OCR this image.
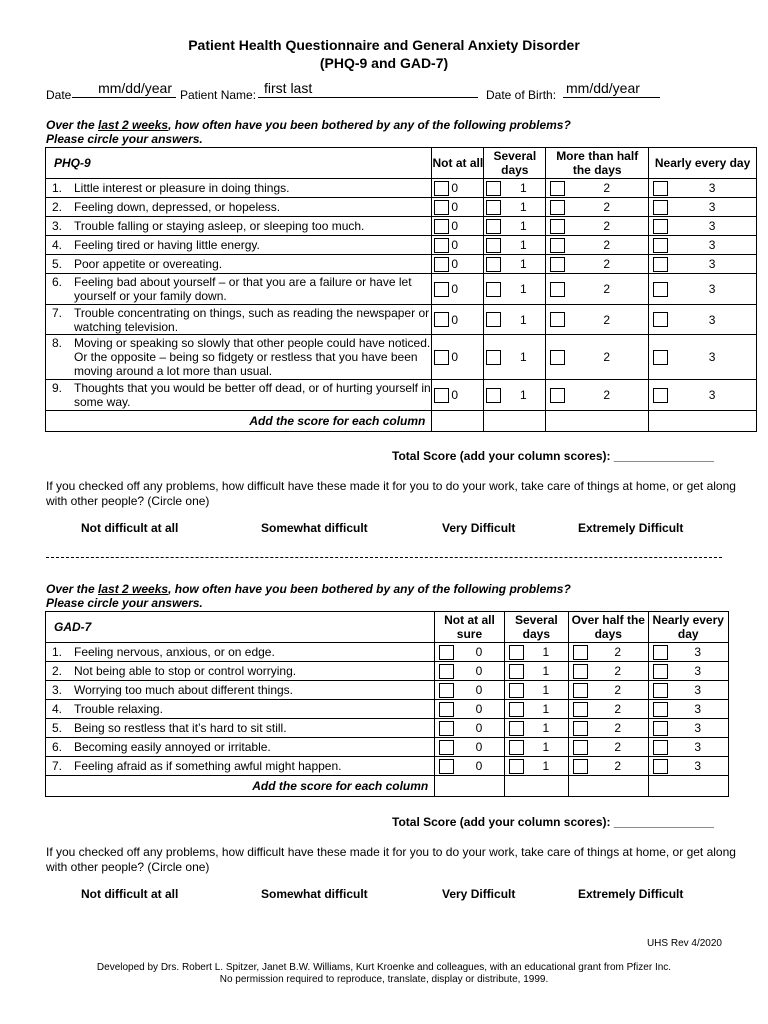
Patient Health Questionnaire and General Anxiety Disorder
(PHQ-9 and GAD-7)
Date	mm/dd/year Patient Name: first last	Date of Birth: mm/dd/year
Over the last 2 weeks, how often have you been bothered by any of the following problems?
Please circle your answers.
PHQ-9	Not at all	Several days	More than half the days	Nearly every day

1. Little interest or pleasure in doing things.	0	1	2	3

2. Feeling down, depressed, or hopeless.	0	1	2	3

3. Trouble falling or staying asleep, or sleeping too much.	0	1	2	3

4. Feeling tired or having little energy.	0	1	2	3

5. Poor appetite or overeating.	0	1	2	3

6. Feeling bad about yourself – or that you are a failure or have let yourself or your family down.	0	1	2	3

7. Trouble concentrating on things, such as reading the newspaper or watching television.	0	1	2	3

8. Moving or speaking so slowly that other people could have noticed. Or the opposite – being so fidgety or restless that you have been moving around a lot more than usual.	0	1	2	3

9. Thoughts that you would be better off dead, or of hurting yourself in some way.	0	1	2	3

Add the score for each column				
Total Score (add your column scores): _______________
If you checked off any problems, how difficult have these made it for you to do your work, take care of things at home, or get along with other people? (Circle one)
Not difficult at all	Somewhat difficult	Very Difficult	Extremely Difficult
Over the last 2 weeks, how often have you been bothered by any of the following problems?
Please circle your answers.
GAD-7	Not at all sure	Several days	Over half the days	Nearly every day

1. Feeling nervous, anxious, or on edge.	0	1	2	3

2. Not being able to stop or control worrying.	0	1	2	3

3. Worrying too much about different things.	0	1	2	3

4. Trouble relaxing.	0	1	2	3

5. Being so restless that it’s hard to sit still.	0	1	2	3

6. Becoming easily annoyed or irritable.	0	1	2	3

7. Feeling afraid as if something awful might happen.	0	1	2	3

Add the score for each column				
Total Score (add your column scores): _______________
If you checked off any problems, how difficult have these made it for you to do your work, take care of things at home, or get along with other people? (Circle one)
Not difficult at all	Somewhat difficult	Very Difficult	Extremely Difficult
UHS Rev 4/2020
Developed by Drs. Robert L. Spitzer, Janet B.W. Williams, Kurt Kroenke and colleagues, with an educational grant from Pfizer Inc.
No permission required to reproduce, translate, display or distribute, 1999.
